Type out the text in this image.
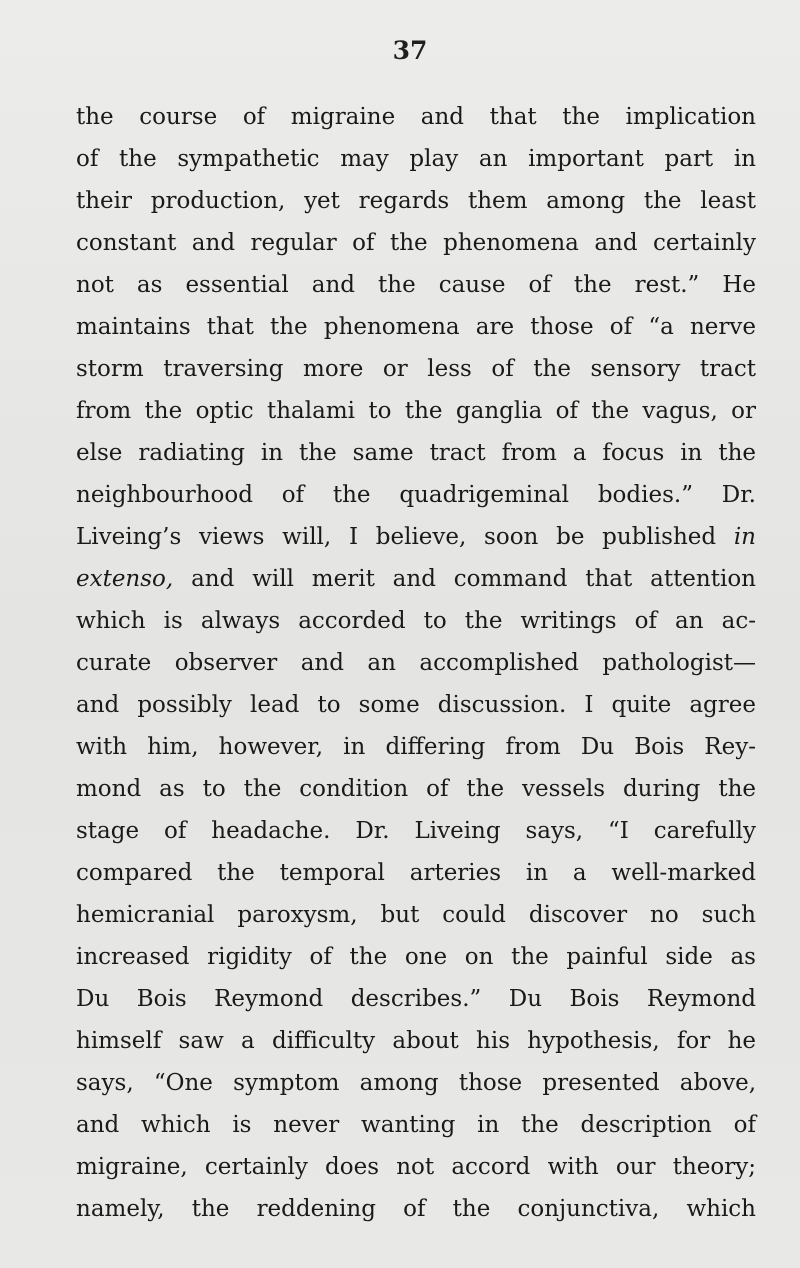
37
the course of migraine and that the implication
of the sympathetic may play an important part in
their production, yet regards them among the least
constant and regular of the phenomena and certainly
not as essential and the cause of the rest.” He
maintains that the phenomena are those of “a nerve
storm traversing more or less of the sensory tract
from the optic thalami to the ganglia of the vagus, or
else radiating in the same tract from a focus in the
neighbourhood of the quadrigeminal bodies.” Dr.
Liveing’s views will, I believe, soon be published in
extenso, and will merit and command that attention
which is always accorded to the writings of an ac-
curate observer and an accomplished pathologist—
and possibly lead to some discussion. I quite agree
with him, however, in differing from Du Bois Rey-
mond as to the condition of the vessels during the
stage of headache. Dr. Liveing says, “I carefully
compared the temporal arteries in a well-marked
hemicranial paroxysm, but could discover no such
increased rigidity of the one on the painful side as
Du Bois Reymond describes.” Du Bois Reymond
himself saw a difficulty about his hypothesis, for he
says, “One symptom among those presented above,
and which is never wanting in the description of
migraine, certainly does not accord with our theory;
namely, the reddening of the conjunctiva, which
